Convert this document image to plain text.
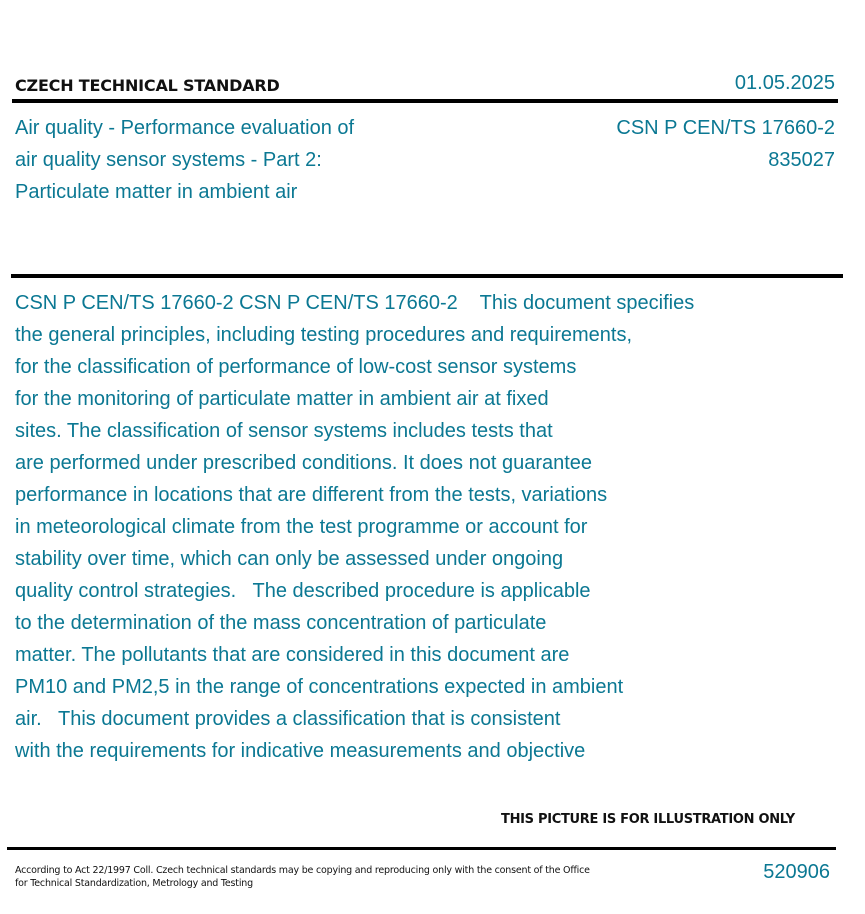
CZECH TECHNICAL STANDARD	01.05.2025
Air quality - Performance evaluation of
air quality sensor systems - Part 2:
Particulate matter in ambient air
CSN P CEN/TS 17660-2
835027
CSN P CEN/TS 17660-2 CSN P CEN/TS 17660-2    This document specifies
the general principles, including testing procedures and requirements,
for the classification of performance of low-cost sensor systems
for the monitoring of particulate matter in ambient air at fixed
sites. The classification of sensor systems includes tests that
are performed under prescribed conditions. It does not guarantee
performance in locations that are different from the tests, variations
in meteorological climate from the test programme or account for
stability over time, which can only be assessed under ongoing
quality control strategies.   The described procedure is applicable
to the determination of the mass concentration of particulate
matter. The pollutants that are considered in this document are
PM10 and PM2,5 in the range of concentrations expected in ambient
air.   This document provides a classification that is consistent
with the requirements for indicative measurements and objective
THIS PICTURE IS FOR ILLUSTRATION ONLY
According to Act 22/1997 Coll. Czech technical standards may be copying and reproducing only with the consent of the Office
for Technical Standardization, Metrology and Testing
520906
